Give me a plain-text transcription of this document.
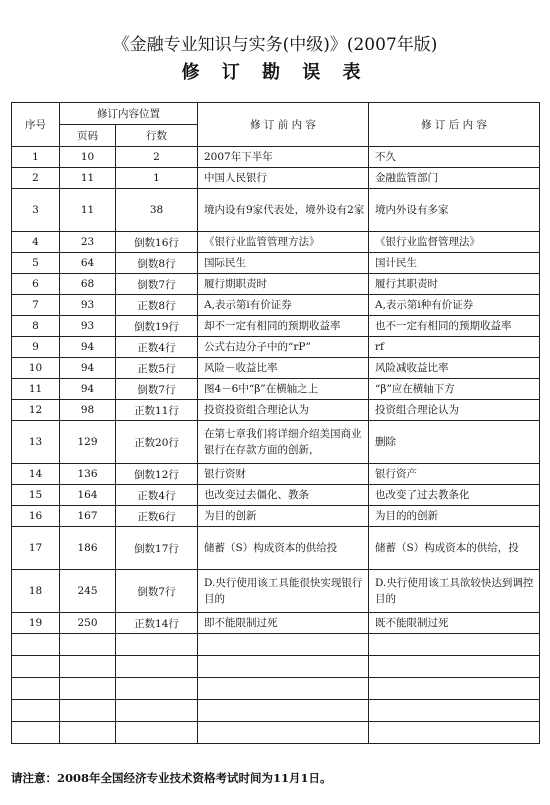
《金融专业知识与实务(中级)》(2007年版)
修 订 勘 误 表
序号	修订内容位置		修 订 前 内 容	修 订 后 内 容
	页码	行数		
1	10	2	2007年下半年	不久
2	11	1	中国人民银行	金融监管部门
3	11	38	境内设有9家代表处，境外设有2家	境内外设有多家
4	23	倒数16行	《银行业监管管理方法》	《银行业监督管理法》
5	64	倒数8行	国际民生	国计民生
6	68	倒数7行	履行期职责时	履行其职责时
7	93	正数8行	A,表示第i有价证券	A,表示第i种有价证券
8	93	倒数19行	却不一定有相同的预期收益率	也不一定有相同的预期收益率
9	94	正数4行	公式右边分子中的“rP”	rf
10	94	正数5行	风险－收益比率	风险减收益比率
11	94	倒数7行	图4－6中“β”在横轴之上	“β”应在横轴下方
12	98	正数11行	投资投资组合理论认为	投资组合理论认为
13	129	正数20行	在第七章我们将详细介绍美国商业银行在存款方面的创新，	删除
14	136	倒数12行	银行资财	银行资产
15	164	正数4行	也改变过去僵化、教条	也改变了过去教条化
16	167	正数6行	为目的创新	为目的的创新
17	186	倒数17行	储蓄（S）构成资本的供给投	储蓄（S）构成资本的供给，投
18	245	倒数7行	D.央行使用该工具能很快实现银行目的	D.央行使用该工具欲较快达到调控目的
19	250	正数14行	即不能限制过死	既不能限制过死

请注意：2008年全国经济专业技术资格考试时间为11月1日。
